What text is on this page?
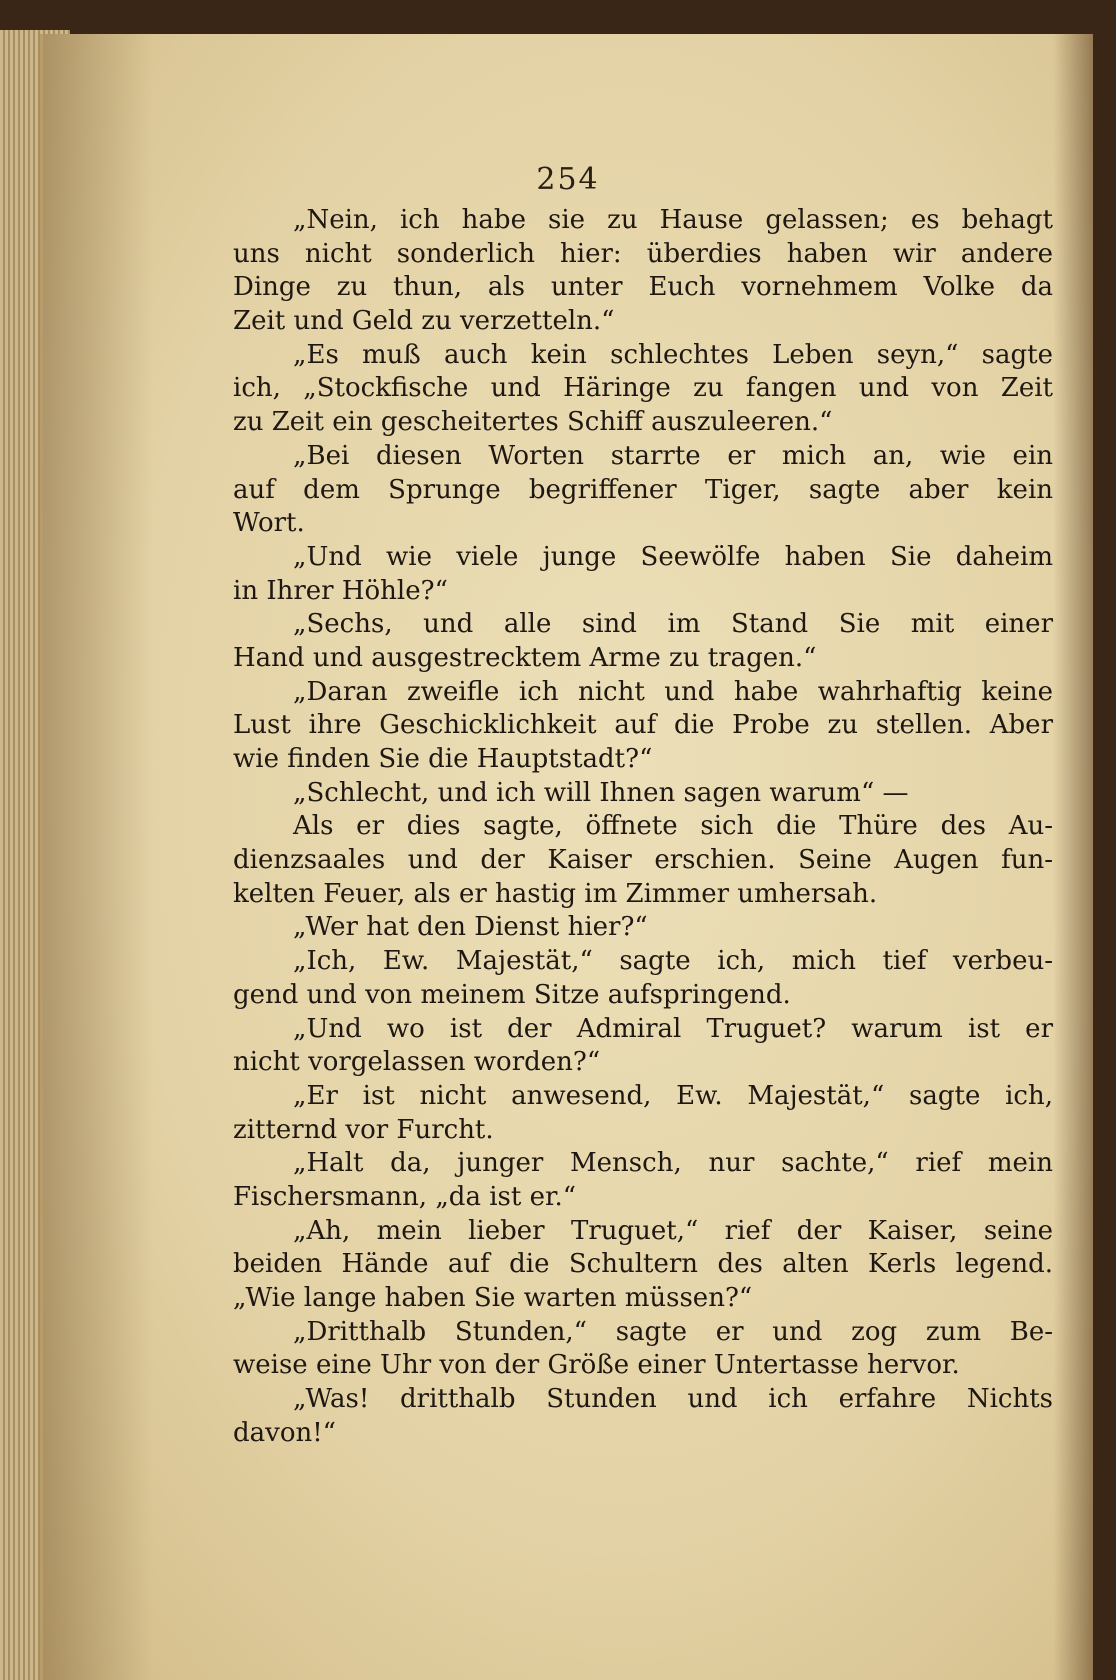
254
„Nein, ich habe sie zu Hause gelassen; es behagt
uns nicht sonderlich hier: überdies haben wir andere
Dinge zu thun, als unter Euch vornehmem Volke da
Zeit und Geld zu verzetteln.“
„Es muß auch kein schlechtes Leben seyn,“ sagte
ich, „Stockfische und Häringe zu fangen und von Zeit
zu Zeit ein gescheitertes Schiff auszuleeren.“
„Bei diesen Worten starrte er mich an, wie ein
auf dem Sprunge begriffener Tiger, sagte aber kein
Wort.
„Und wie viele junge Seewölfe haben Sie daheim
in Ihrer Höhle?“
„Sechs, und alle sind im Stand Sie mit einer
Hand und ausgestrecktem Arme zu tragen.“
„Daran zweifle ich nicht und habe wahrhaftig keine
Lust ihre Geschicklichkeit auf die Probe zu stellen. Aber
wie finden Sie die Hauptstadt?“
„Schlecht, und ich will Ihnen sagen warum“ —
Als er dies sagte, öffnete sich die Thüre des Au-
dienzsaales und der Kaiser erschien. Seine Augen fun-
kelten Feuer, als er hastig im Zimmer umhersah.
„Wer hat den Dienst hier?“
„Ich, Ew. Majestät,“ sagte ich, mich tief verbeu-
gend und von meinem Sitze aufspringend.
„Und wo ist der Admiral Truguet? warum ist er
nicht vorgelassen worden?“
„Er ist nicht anwesend, Ew. Majestät,“ sagte ich,
zitternd vor Furcht.
„Halt da, junger Mensch, nur sachte,“ rief mein
Fischersmann, „da ist er.“
„Ah, mein lieber Truguet,“ rief der Kaiser, seine
beiden Hände auf die Schultern des alten Kerls legend.
„Wie lange haben Sie warten müssen?“
„Dritthalb Stunden,“ sagte er und zog zum Be-
weise eine Uhr von der Größe einer Untertasse hervor.
„Was! dritthalb Stunden und ich erfahre Nichts
davon!“
